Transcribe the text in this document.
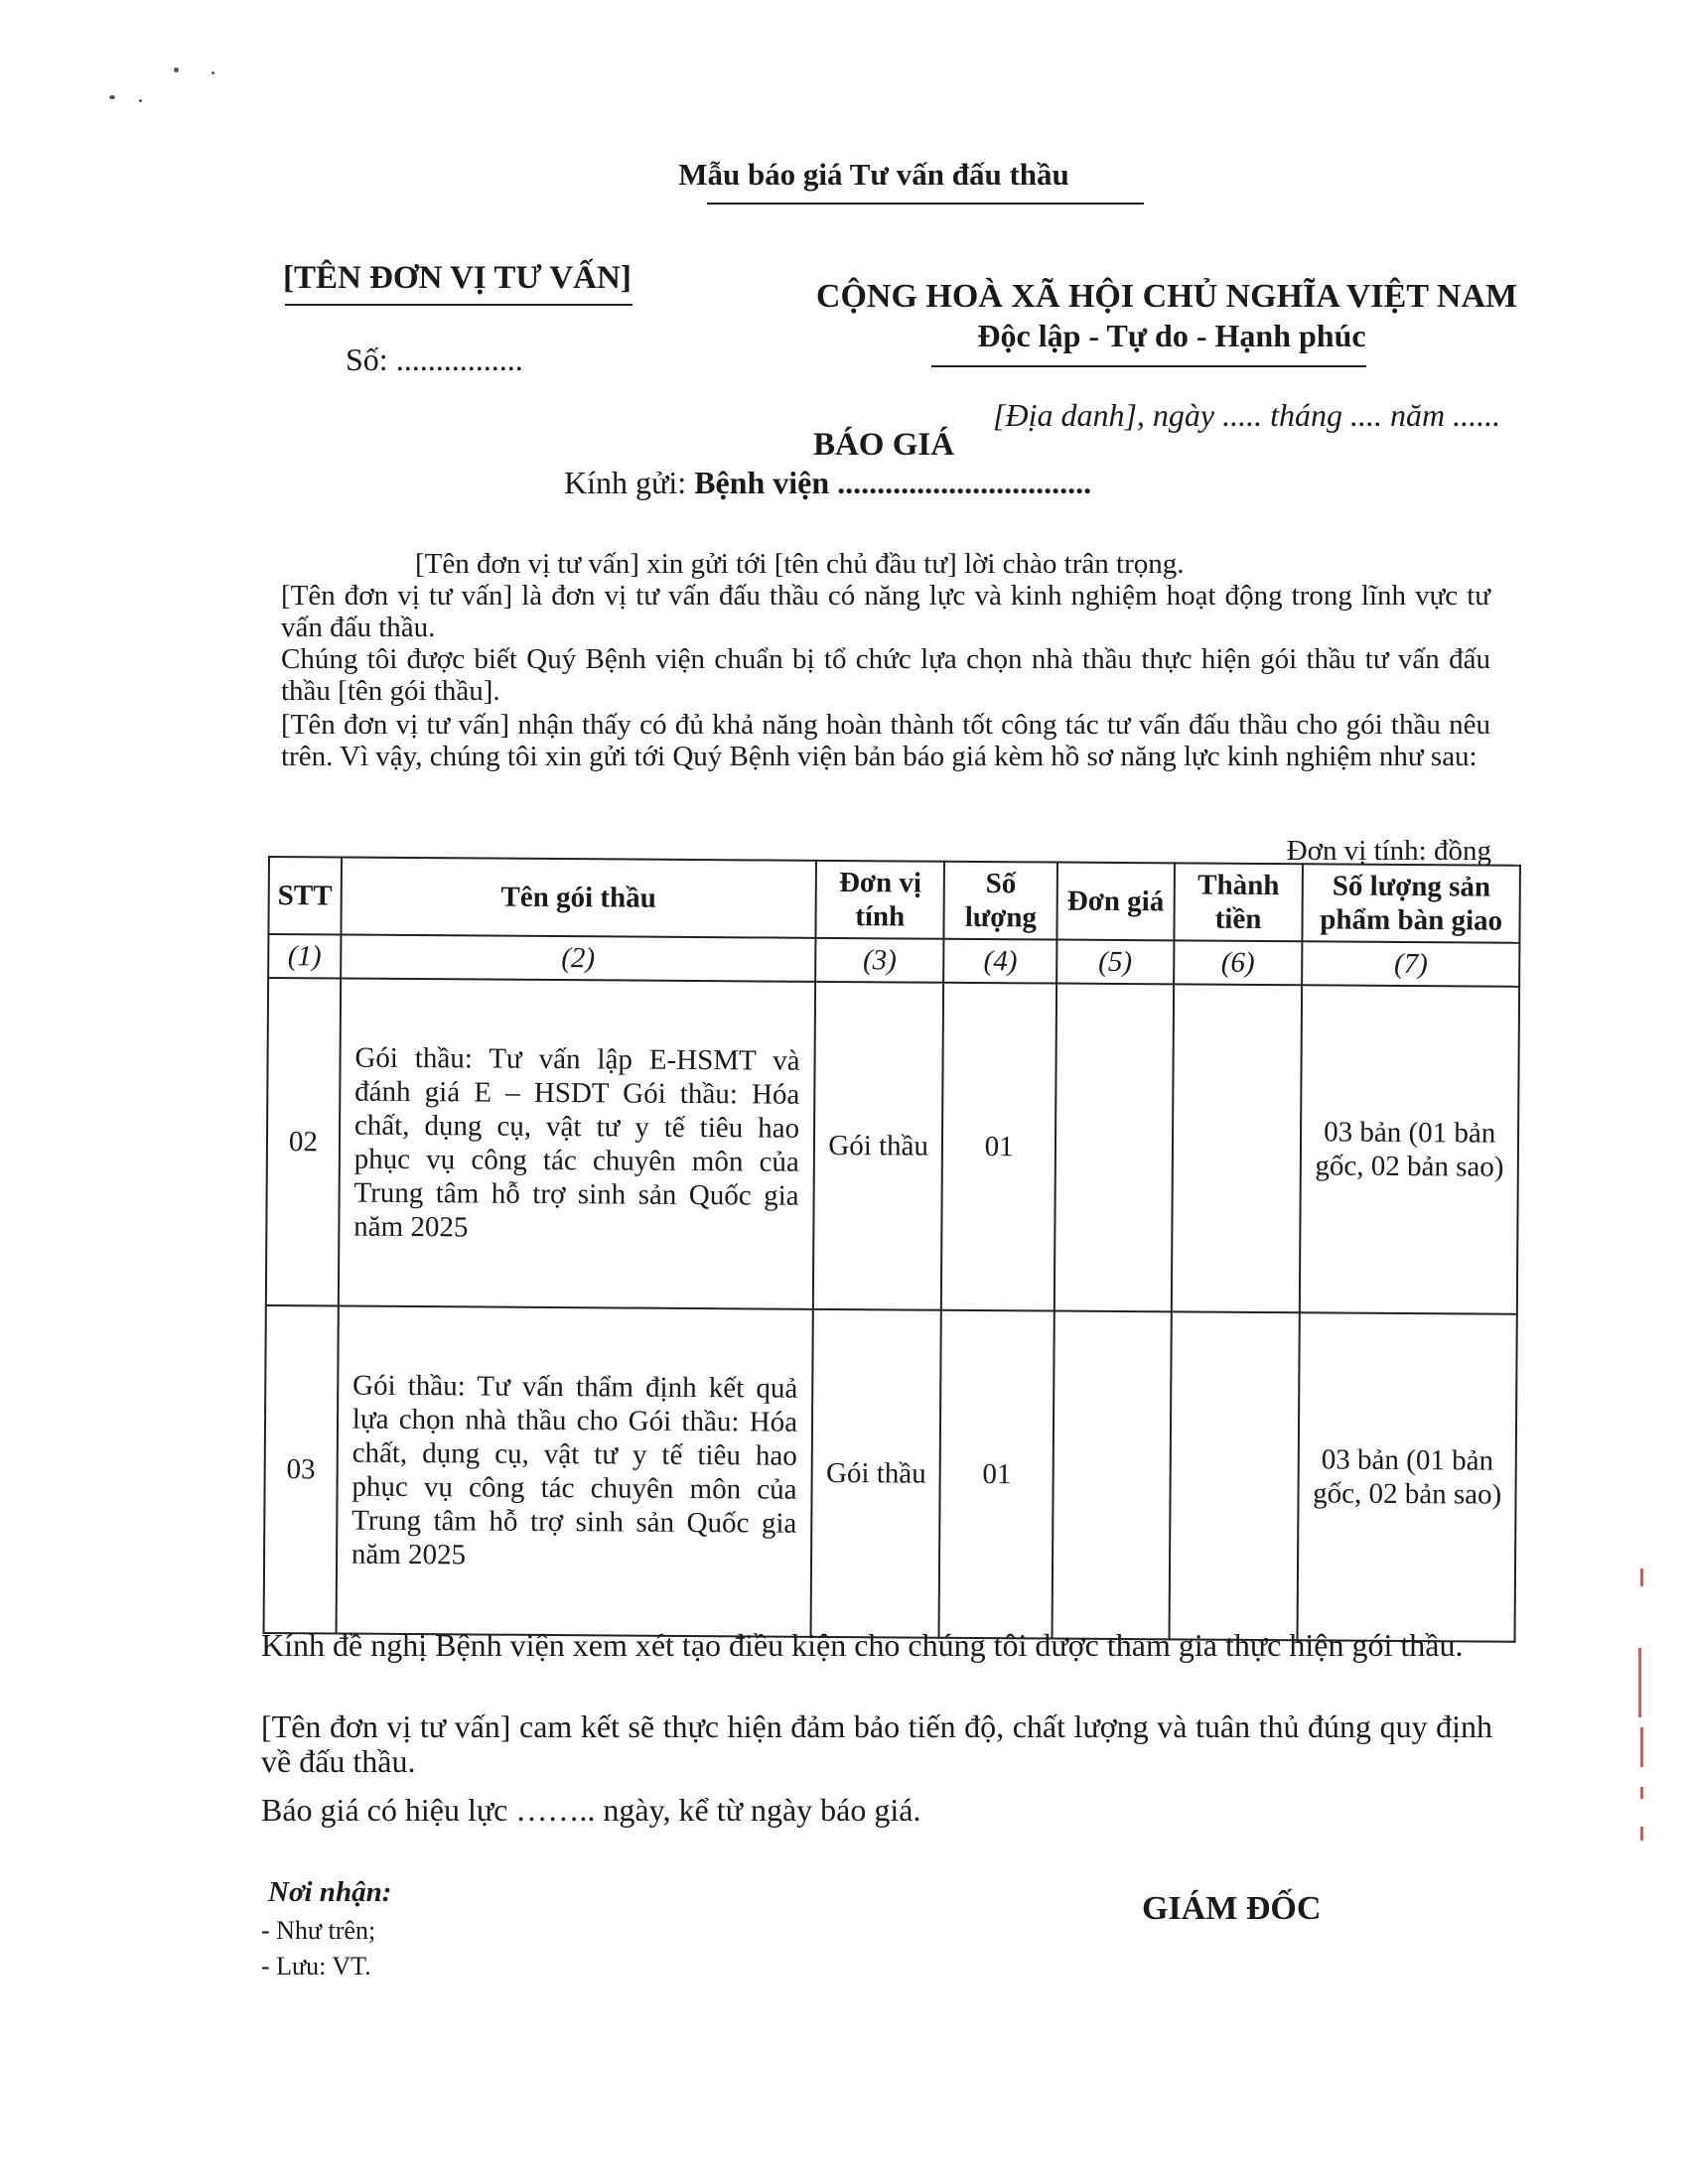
Mẫu báo giá Tư vấn đấu thầu
[TÊN ĐƠN VỊ TƯ VẤN]
Số: ................
CỘNG HOÀ XÃ HỘI CHỦ NGHĨA VIỆT NAM
Độc lập - Tự do - Hạnh phúc
[Địa danh], ngày ..... tháng .... năm ......
BÁO GIÁ
Kính gửi: Bệnh viện ................................
[Tên đơn vị tư vấn] xin gửi tới [tên chủ đầu tư] lời chào trân trọng.
[Tên đơn vị tư vấn] là đơn vị tư vấn đấu thầu có năng lực và kinh nghiệm hoạt động trong lĩnh vực tư vấn đấu thầu.
Chúng tôi được biết Quý Bệnh viện chuẩn bị tổ chức lựa chọn nhà thầu thực hiện gói thầu tư vấn đấu thầu [tên gói thầu].
[Tên đơn vị tư vấn] nhận thấy có đủ khả năng hoàn thành tốt công tác tư vấn đấu thầu cho gói thầu nêu trên. Vì vậy, chúng tôi xin gửi tới Quý Bệnh viện bản báo giá kèm hồ sơ năng lực kinh nghiệm như sau:
Đơn vị tính: đồng
STT	Tên gói thầu	Đơn vị tính	Số lượng	Đơn giá	Thành tiền	Số lượng sản phẩm bàn giao
(1)	(2)	(3)	(4)	(5)	(6)	(7)
02	Gói thầu: Tư vấn lập E-HSMT và đánh giá E – HSDT Gói thầu: Hóa chất, dụng cụ, vật tư y tế tiêu hao phục vụ công tác chuyên môn của Trung tâm hỗ trợ sinh sản Quốc gia năm 2025	Gói thầu	01			03 bản (01 bản gốc, 02 bản sao)
03	Gói thầu: Tư vấn thẩm định kết quả lựa chọn nhà thầu cho Gói thầu: Hóa chất, dụng cụ, vật tư y tế tiêu hao phục vụ công tác chuyên môn của Trung tâm hỗ trợ sinh sản Quốc gia năm 2025	Gói thầu	01			03 bản (01 bản gốc, 02 bản sao)
Kính đề nghị Bệnh viện xem xét tạo điều kiện cho chúng tôi được tham gia thực hiện gói thầu.
[Tên đơn vị tư vấn] cam kết sẽ thực hiện đảm bảo tiến độ, chất lượng và tuân thủ đúng quy định về đấu thầu.
Báo giá có hiệu lực …….. ngày, kể từ ngày báo giá.
Nơi nhận:
- Như trên;
- Lưu: VT.
GIÁM ĐỐC
